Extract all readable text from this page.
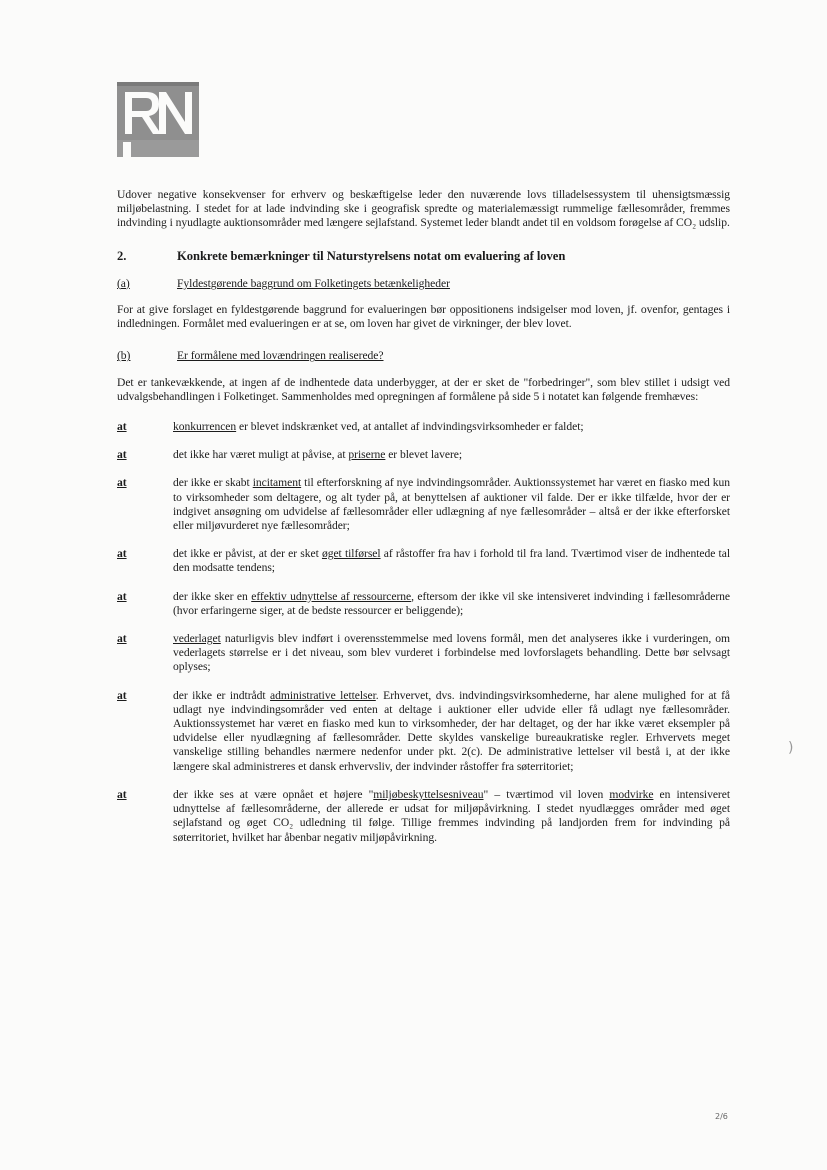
Udover negative konsekvenser for erhverv og beskæftigelse leder den nuværende lovs tilladelsessystem til uhensigtsmæssig miljøbelastning. I stedet for at lade indvinding ske i geografisk spredte og materialemæssigt rummelige fællesområder, fremmes indvinding i nyudlagte auktionsområder med længere sejlafstand. Systemet leder blandt andet til en voldsom forøgelse af CO₂ udslip.

2.	Konkrete bemærkninger til Naturstyrelsens notat om evaluering af loven
(a)	Fyldestgørende baggrund om Folketingets betænkeligheder

For at give forslaget en fyldestgørende baggrund for evalueringen bør oppositionens indsigelser mod loven, jf. ovenfor, gentages i indledningen. Formålet med evalueringen er at se, om loven har givet de virkninger, der blev lovet.

(b)	Er formålene med lovændringen realiserede?

Det er tankevækkende, at ingen af de indhentede data underbygger, at der er sket de "forbedringer", som blev stillet i udsigt ved udvalgsbehandlingen i Folketinget. Sammenholdes med opregningen af formålene på side 5 i notatet kan følgende fremhæves:

at	konkurrencen er blevet indskrænket ved, at antallet af indvindingsvirksomheder er faldet;
at	det ikke har været muligt at påvise, at priserne er blevet lavere;
at	der ikke er skabt incitament til efterforskning af nye indvindingsområder. Auktionssystemet har været en fiasko med kun to virksomheder som deltagere, og alt tyder på, at benyttelsen af auktioner vil falde. Der er ikke tilfælde, hvor der er indgivet ansøgning om udvidelse af fællesområder eller udlægning af nye fællesområder – altså er der ikke efterforsket eller miljøvurderet nye fællesområder;
at	det ikke er påvist, at der er sket øget tilførsel af råstoffer fra hav i forhold til fra land. Tværtimod viser de indhentede tal den modsatte tendens;
at	der ikke sker en effektiv udnyttelse af ressourcerne, eftersom der ikke vil ske intensiveret indvinding i fællesområderne (hvor erfaringerne siger, at de bedste ressourcer er beliggende);
at	vederlaget naturligvis blev indført i overensstemmelse med lovens formål, men det analyseres ikke i vurderingen, om vederlagets størrelse er i det niveau, som blev vurderet i forbindelse med lovforslagets behandling. Dette bør selvsagt oplyses;
at	der ikke er indtrådt administrative lettelser. Erhvervet, dvs. indvindingsvirksomhederne, har alene mulighed for at få udlagt nye indvindingsområder ved enten at deltage i auktioner eller udvide eller få udlagt nye fællesområder. Auktionssystemet har været en fiasko med kun to virksomheder, der har deltaget, og der har ikke været eksempler på udvidelse eller nyudlægning af fællesområder. Dette skyldes vanskelige bureaukratiske regler. Erhvervets meget vanskelige stilling behandles nærmere nedenfor under pkt. 2(c). De administrative lettelser vil bestå i, at der ikke længere skal administreres et dansk erhvervsliv, der indvinder råstoffer fra søterritoriet;
at	der ikke ses at være opnået et højere "miljøbeskyttelsesniveau" – tværtimod vil loven modvirke en intensiveret udnyttelse af fællesområderne, der allerede er udsat for miljøpåvirkning. I stedet nyudlægges områder med øget sejlafstand og øget CO₂ udledning til følge. Tillige fremmes indvinding på landjorden frem for indvinding på søterritoriet, hvilket har åbenbar negativ miljøpåvirkning.
)
2/6
